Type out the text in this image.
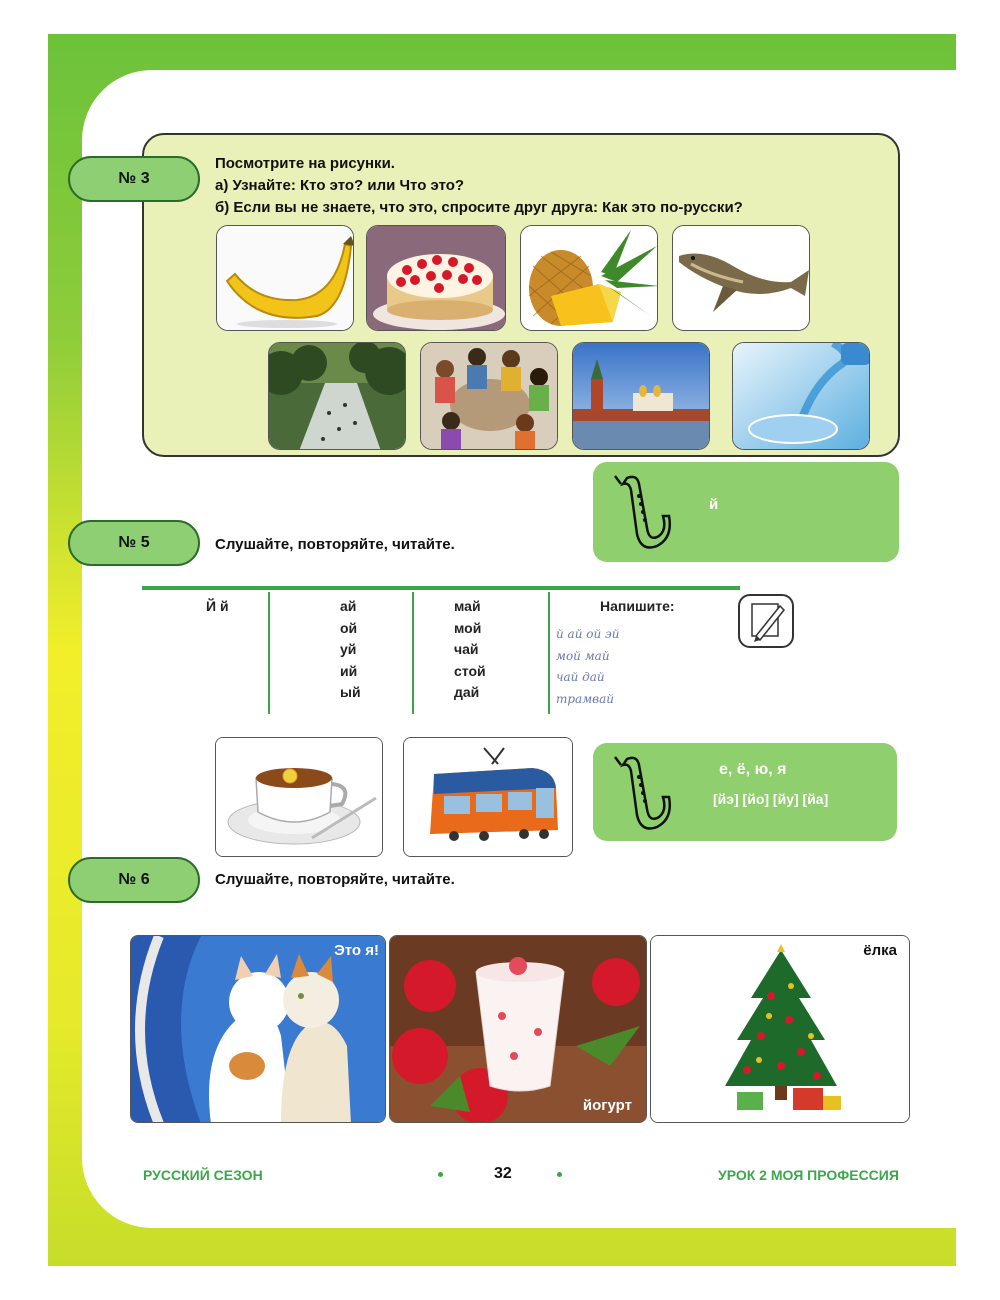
№ 3
Посмотрите на рисунки.
а) Узнайте: Кто это? или Что это?
б) Если вы не знаете, что это, спросите друг друга: Как это по-русски?
й
№ 5	Слушайте, повторяйте, читайте.
Й й	ай
ой
уй
ий
ый
май
мой
чай
стой
дай
Напишите:
й ай ой эй
мой май
чай дай
трамвай
е, ё, ю, я
[йэ] [йо] [йу] [йа]
№ 6	Слушайте, повторяйте, читайте.
Это я!
йогурт
ёлка
РУССКИЙ СЕЗОН	32	УРОК 2 МОЯ ПРОФЕССИЯ
